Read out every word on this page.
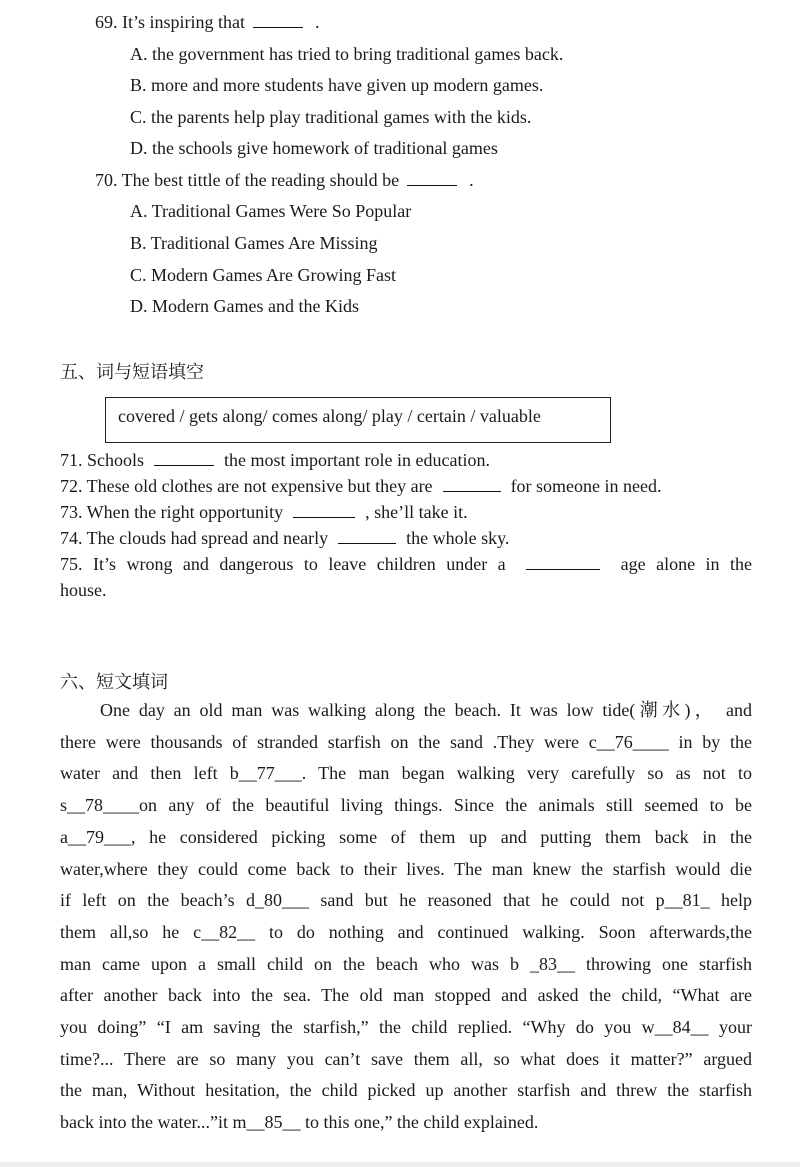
69. It’s inspiring that	.
A. the government has tried to bring traditional games back.
B. more and more students have given up modern games.
C. the parents help play traditional games with the kids.
D. the schools give homework of traditional games
70. The best tittle of the reading should be	.
A. Traditional Games Were So Popular
B. Traditional Games Are Missing
C. Modern Games Are Growing Fast
D. Modern Games and the Kids
五、词与短语填空
covered / gets along/ comes along/ play / certain / valuable
71. Schools	the most important role in education.
72. These old clothes are not expensive but they are	for someone in need.
73. When the right opportunity	, she’ll take it.
74. The clouds had spread and nearly	the whole sky.
75. It’s wrong and dangerous to leave children under a	age alone in the
house.
六、短文填词
One day an old man was walking along the beach. It was low tide(潮水)， and
there were thousands of stranded starfish on the sand .They were c__76____ in by the
water and then left b__77___. The man began walking very carefully so as not to
s__78____on any of the beautiful living things. Since the animals still seemed to be
a__79___, he considered picking some of them up and putting them back in the
water,where they could come back to their lives. The man knew the starfish would die
if left on the beach’s d_80___ sand but he reasoned that he could not p__81_ help
them all,so he c__82__ to do nothing and continued walking. Soon afterwards,the
man came upon a small child on the beach who was b _83__ throwing one starfish
after another back into the sea. The old man stopped and asked the child, “What are
you doing” “I am saving the starfish,” the child replied. “Why do you w__84__ your
time?... There are so many you can’t save them all, so what does it matter?” argued
the man, Without hesitation, the child picked up another starfish and threw the starfish
back into the water...”it m__85__ to this one,” the child explained.
